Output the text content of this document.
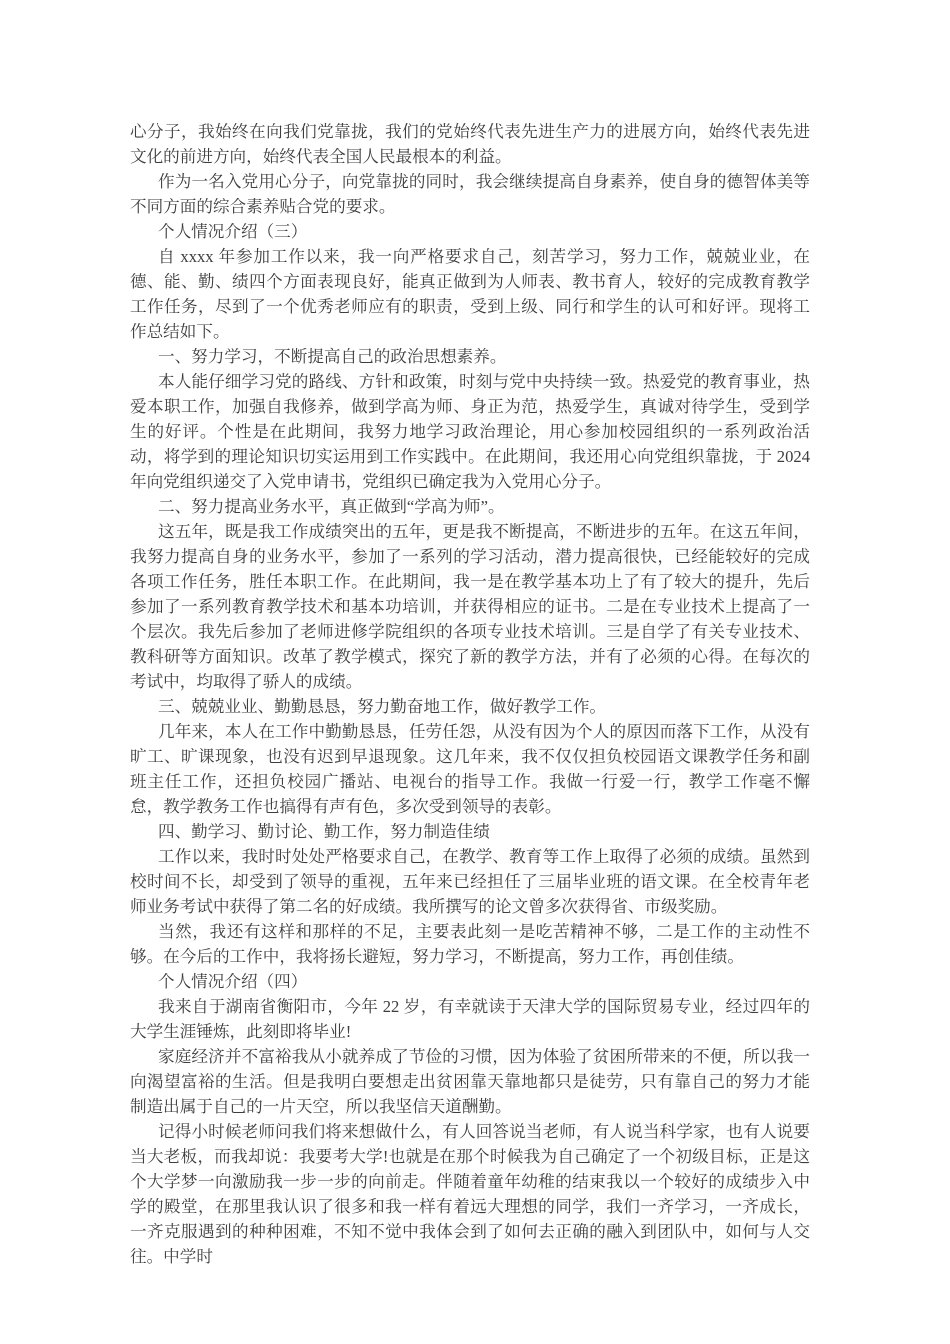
心分子，我始终在向我们党靠拢，我们的党始终代表先进生产力的进展方向，始终代表先进文化的前进方向，始终代表全国人民最根本的利益。

作为一名入党用心分子，向党靠拢的同时，我会继续提高自身素养，使自身的德智体美等不同方面的综合素养贴合党的要求。

个人情况介绍（三）

自 xxxx 年参加工作以来，我一向严格要求自己，刻苦学习，努力工作，兢兢业业，在德、能、勤、绩四个方面表现良好，能真正做到为人师表、教书育人，较好的完成教育教学工作任务，尽到了一个优秀老师应有的职责，受到上级、同行和学生的认可和好评。现将工作总结如下。

一、努力学习，不断提高自己的政治思想素养。

本人能仔细学习党的路线、方针和政策，时刻与党中央持续一致。热爱党的教育事业，热爱本职工作，加强自我修养，做到学高为师、身正为范，热爱学生，真诚对待学生，受到学生的好评。个性是在此期间，我努力地学习政治理论，用心参加校园组织的一系列政治活动，将学到的理论知识切实运用到工作实践中。在此期间，我还用心向党组织靠拢，于 2024 年向党组织递交了入党申请书，党组织已确定我为入党用心分子。

二、努力提高业务水平，真正做到“学高为师”。

这五年，既是我工作成绩突出的五年，更是我不断提高，不断进步的五年。在这五年间，我努力提高自身的业务水平，参加了一系列的学习活动，潜力提高很快，已经能较好的完成各项工作任务，胜任本职工作。在此期间，我一是在教学基本功上了有了较大的提升，先后参加了一系列教育教学技术和基本功培训，并获得相应的证书。二是在专业技术上提高了一个层次。我先后参加了老师进修学院组织的各项专业技术培训。三是自学了有关专业技术、教科研等方面知识。改革了教学模式，探究了新的教学方法，并有了必须的心得。在每次的考试中，均取得了骄人的成绩。

三、兢兢业业、勤勤恳恳，努力勤奋地工作，做好教学工作。

几年来，本人在工作中勤勤恳恳，任劳任怨，从没有因为个人的原因而落下工作，从没有旷工、旷课现象，也没有迟到早退现象。这几年来，我不仅仅担负校园语文课教学任务和副班主任工作，还担负校园广播站、电视台的指导工作。我做一行爱一行，教学工作毫不懈怠，教学教务工作也搞得有声有色，多次受到领导的表彰。

四、勤学习、勤讨论、勤工作，努力制造佳绩

工作以来，我时时处处严格要求自己，在教学、教育等工作上取得了必须的成绩。虽然到校时间不长，却受到了领导的重视，五年来已经担任了三届毕业班的语文课。在全校青年老师业务考试中获得了第二名的好成绩。我所撰写的论文曾多次获得省、市级奖励。

当然，我还有这样和那样的不足，主要表此刻一是吃苦精神不够，二是工作的主动性不够。在今后的工作中，我将扬长避短，努力学习，不断提高，努力工作，再创佳绩。

个人情况介绍（四）

我来自于湖南省衡阳市，今年 22 岁，有幸就读于天津大学的国际贸易专业，经过四年的大学生涯锤炼，此刻即将毕业!

家庭经济并不富裕我从小就养成了节俭的习惯，因为体验了贫困所带来的不便，所以我一向渴望富裕的生活。但是我明白要想走出贫困靠天靠地都只是徒劳，只有靠自己的努力才能制造出属于自己的一片天空，所以我坚信天道酬勤。

记得小时候老师问我们将来想做什么，有人回答说当老师，有人说当科学家，也有人说要当大老板，而我却说：我要考大学!也就是在那个时候我为自己确定了一个初级目标，正是这个大学梦一向激励我一步一步的向前走。伴随着童年幼稚的结束我以一个较好的成绩步入中学的殿堂，在那里我认识了很多和我一样有着远大理想的同学，我们一齐学习，一齐成长，一齐克服遇到的种种困难，不知不觉中我体会到了如何去正确的融入到团队中，如何与人交往。中学时
